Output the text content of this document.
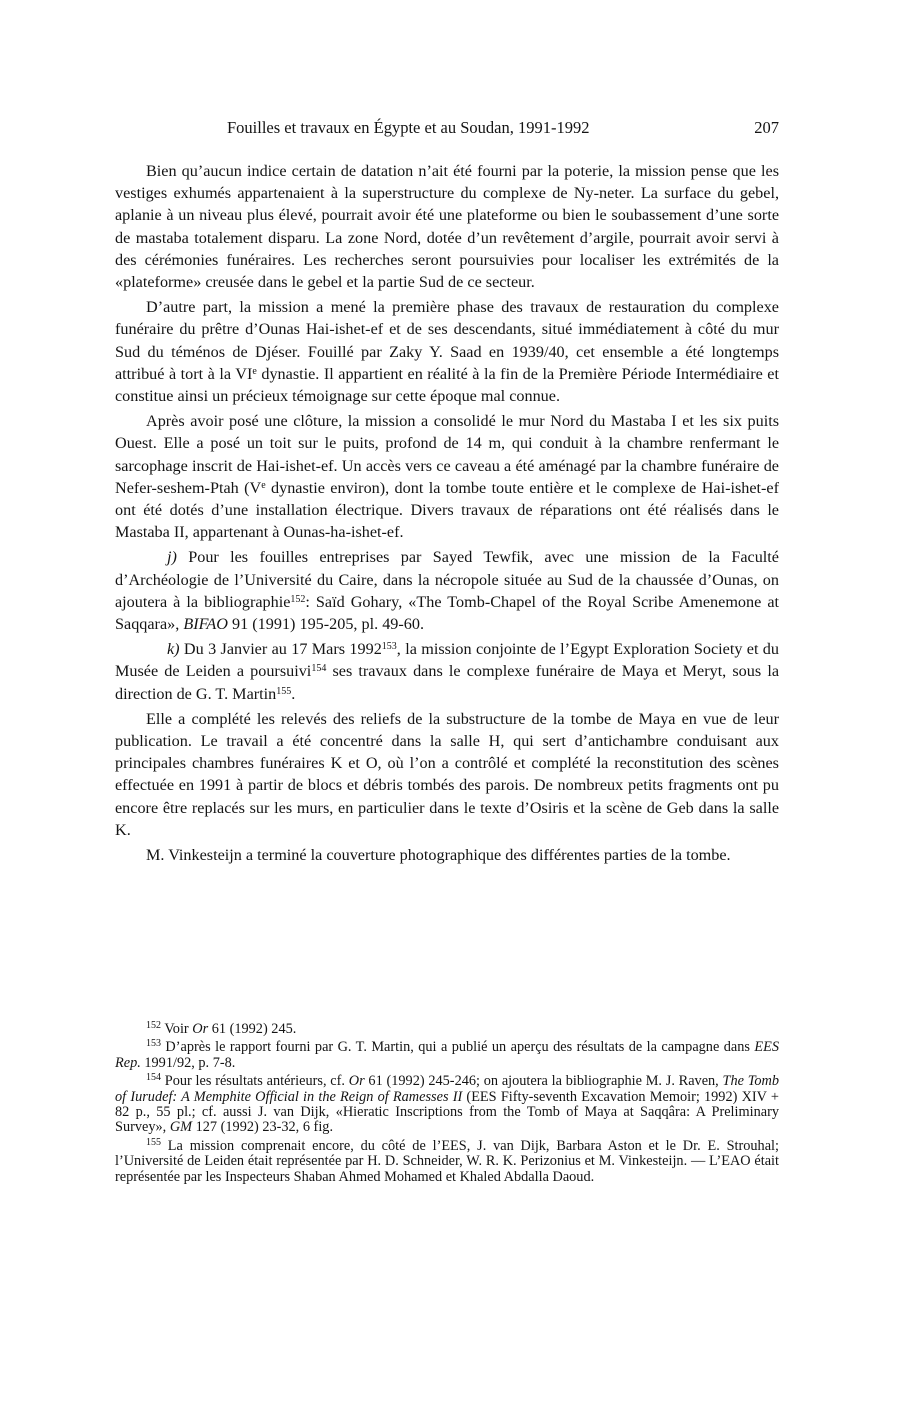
Fouilles et travaux en Égypte et au Soudan, 1991-1992	207

Bien qu’aucun indice certain de datation n’ait été fourni par la poterie, la mission pense que les vestiges exhumés appartenaient à la superstructure du complexe de Ny-neter. La surface du gebel, aplanie à un niveau plus élevé, pourrait avoir été une plateforme ou bien le soubassement d’une sorte de mastaba totalement disparu. La zone Nord, dotée d’un revêtement d’argile, pourrait avoir servi à des cérémonies funéraires. Les recherches seront poursuivies pour localiser les extrémités de la «plateforme» creusée dans le gebel et la partie Sud de ce secteur.

D’autre part, la mission a mené la première phase des travaux de restauration du complexe funéraire du prêtre d’Ounas Hai-ishet-ef et de ses descendants, situé immédiatement à côté du mur Sud du téménos de Djéser. Fouillé par Zaky Y. Saad en 1939/40, cet ensemble a été longtemps attribué à tort à la VIe dynastie. Il appartient en réalité à la fin de la Première Période Intermédiaire et constitue ainsi un précieux témoignage sur cette époque mal connue.

Après avoir posé une clôture, la mission a consolidé le mur Nord du Mastaba I et les six puits Ouest. Elle a posé un toit sur le puits, profond de 14 m, qui conduit à la chambre renfermant le sarcophage inscrit de Hai-ishet-ef. Un accès vers ce caveau a été aménagé par la chambre funéraire de Nefer-seshem-Ptah (Ve dynastie environ), dont la tombe toute entière et le complexe de Hai-ishet-ef ont été dotés d’une installation électrique. Divers travaux de réparations ont été réalisés dans le Mastaba II, appartenant à Ounas-ha-ishet-ef.

j) Pour les fouilles entreprises par Sayed Tewfik, avec une mission de la Faculté d’Archéologie de l’Université du Caire, dans la nécropole située au Sud de la chaussée d’Ounas, on ajoutera à la bibliographie$^{152}$: Saïd Gohary, «The Tomb-Chapel of the Royal Scribe Amenemone at Saqqara», BIFAO 91 (1991) 195-205, pl. 49-60.

k) Du 3 Janvier au 17 Mars 1992$^{153}$, la mission conjointe de l’Egypt Exploration Society et du Musée de Leiden a poursuivi$^{154}$ ses travaux dans le complexe funéraire de Maya et Meryt, sous la direction de G. T. Martin$^{155}$.

Elle a complété les relevés des reliefs de la substructure de la tombe de Maya en vue de leur publication. Le travail a été concentré dans la salle H, qui sert d’antichambre conduisant aux principales chambres funéraires K et O, où l’on a contrôlé et complété la reconstitution des scènes effectuée en 1991 à partir de blocs et débris tombés des parois. De nombreux petits fragments ont pu encore être replacés sur les murs, en particulier dans le texte d’Osiris et la scène de Geb dans la salle K.

M. Vinkesteijn a terminé la couverture photographique des différentes parties de la tombe.

$^{152}$ Voir Or 61 (1992) 245.

$^{153}$ D’après le rapport fourni par G. T. Martin, qui a publié un aperçu des résultats de la campagne dans EES Rep. 1991/92, p. 7-8.

$^{154}$ Pour les résultats antérieurs, cf. Or 61 (1992) 245-246; on ajoutera la bibliographie M. J. Raven, The Tomb of Iurudef: A Memphite Official in the Reign of Ramesses II (EES Fifty-seventh Excavation Memoir; 1992) XIV + 82 p., 55 pl.; cf. aussi J. van Dijk, «Hieratic Inscriptions from the Tomb of Maya at Saqqâra: A Preliminary Survey», GM 127 (1992) 23-32, 6 fig.

$^{155}$ La mission comprenait encore, du côté de l’EES, J. van Dijk, Barbara Aston et le Dr. E. Strouhal; l’Université de Leiden était représentée par H. D. Schneider, W. R. K. Perizonius et M. Vinkesteijn. — L’EAO était représentée par les Inspecteurs Shaban Ahmed Mohamed et Khaled Abdalla Daoud.
